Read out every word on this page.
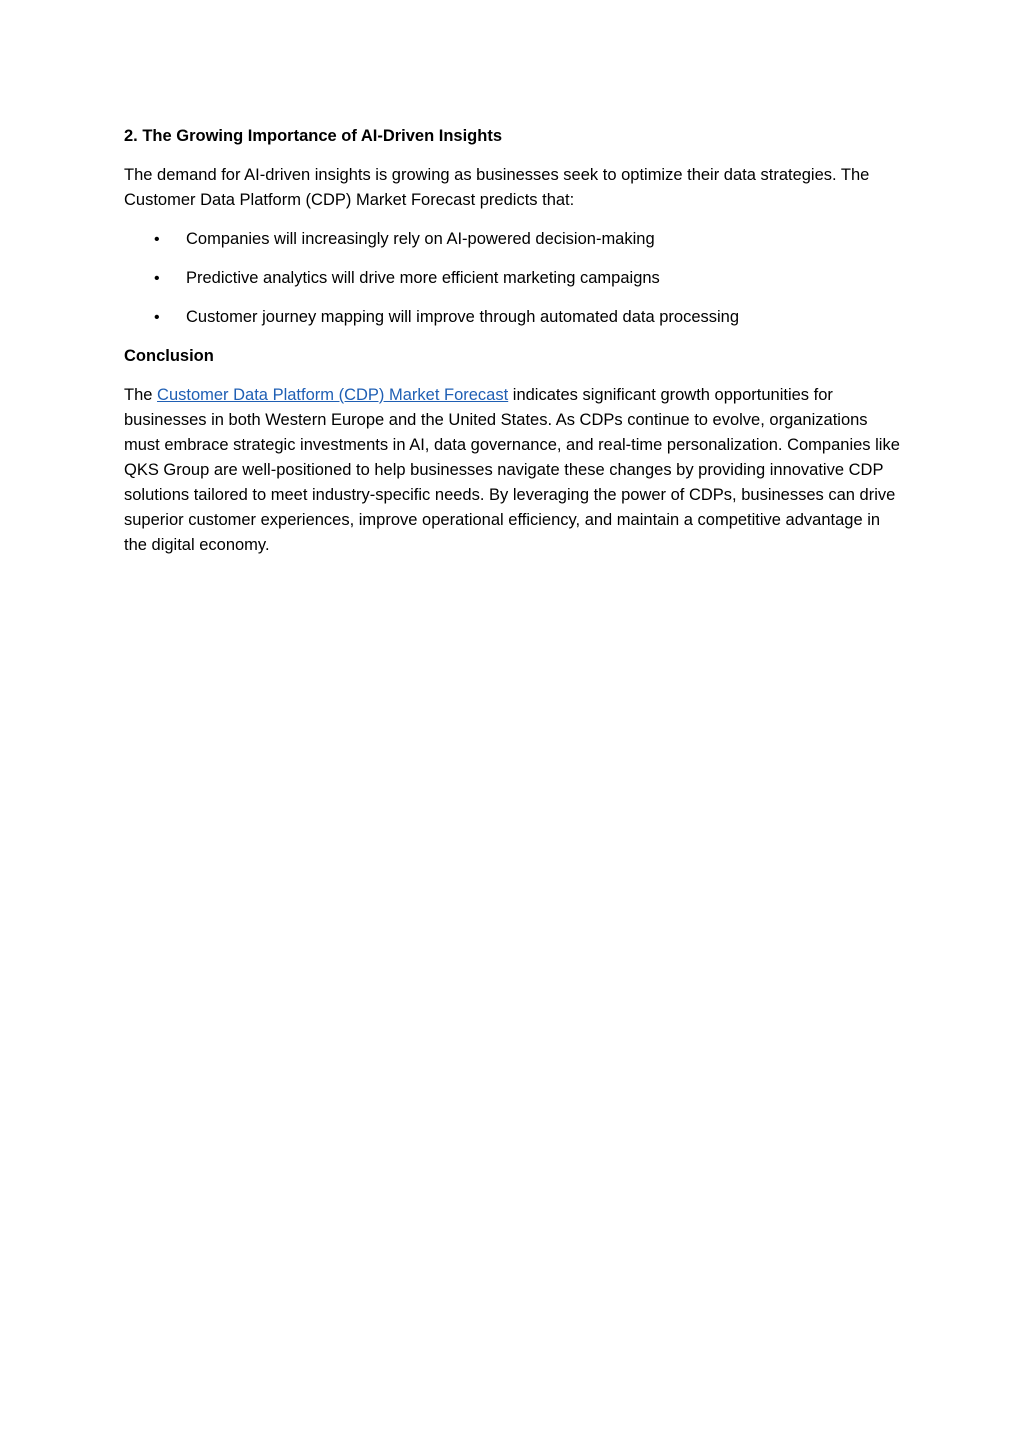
2. The Growing Importance of AI-Driven Insights
The demand for AI-driven insights is growing as businesses seek to optimize their data strategies. The Customer Data Platform (CDP) Market Forecast predicts that:
• Companies will increasingly rely on AI-powered decision-making
• Predictive analytics will drive more efficient marketing campaigns
• Customer journey mapping will improve through automated data processing
Conclusion
The Customer Data Platform (CDP) Market Forecast indicates significant growth opportunities for businesses in both Western Europe and the United States. As CDPs continue to evolve, organizations must embrace strategic investments in AI, data governance, and real-time personalization. Companies like QKS Group are well-positioned to help businesses navigate these changes by providing innovative CDP solutions tailored to meet industry-specific needs. By leveraging the power of CDPs, businesses can drive superior customer experiences, improve operational efficiency, and maintain a competitive advantage in the digital economy.
